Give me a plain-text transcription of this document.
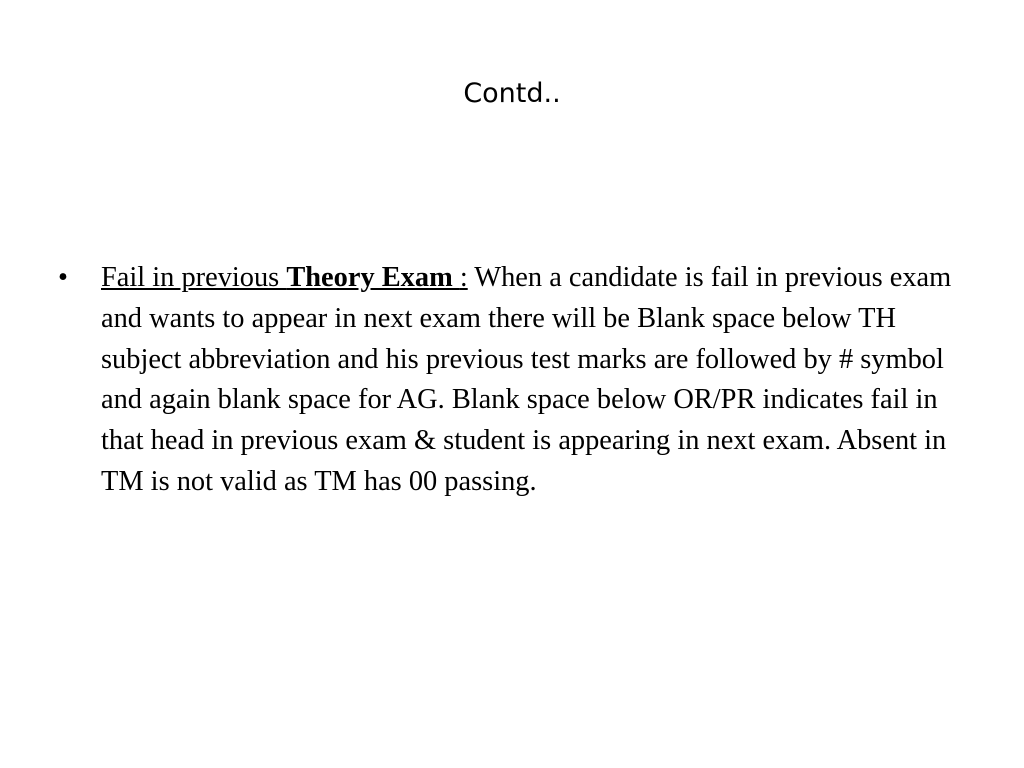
Contd..
• Fail in previous Theory Exam : When a candidate is fail in previous exam and wants to appear in next exam there will be Blank space below TH subject abbreviation and his previous test marks are followed by # symbol and again blank space for AG. Blank space below OR/PR indicates fail in that head in previous exam & student is appearing in next exam. Absent in TM is not valid as TM has 00 passing.
